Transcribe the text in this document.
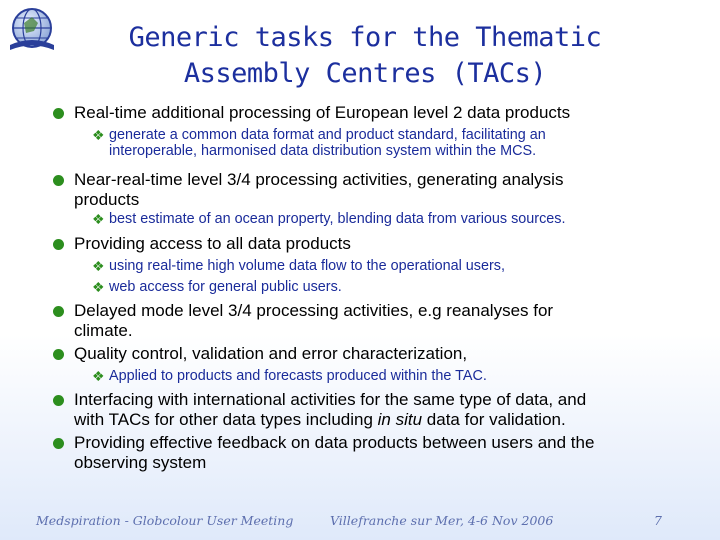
Generic tasks for the Thematic
Assembly Centres (TACs)
Real-time additional processing of European level 2 data products
❖ generate a common data format and product standard, facilitating an
interoperable, harmonised data distribution system within the MCS.
Near-real-time level 3/4 processing activities, generating analysis
products
❖ best estimate of an ocean property, blending data from various sources.
Providing access to all data products
❖ using real-time high volume data flow to the operational users,
❖ web access for general public users.
Delayed mode level 3/4 processing activities, e.g reanalyses for
climate.
Quality control, validation and error characterization,
❖ Applied to products and forecasts produced within the TAC.
Interfacing with international activities for the same type of data, and
with TACs for other data types including in situ data for validation.
Providing effective feedback on data products between users and the
observing system
Medspiration - Globcolour User Meeting	Villefranche sur Mer, 4-6 Nov 2006	7
